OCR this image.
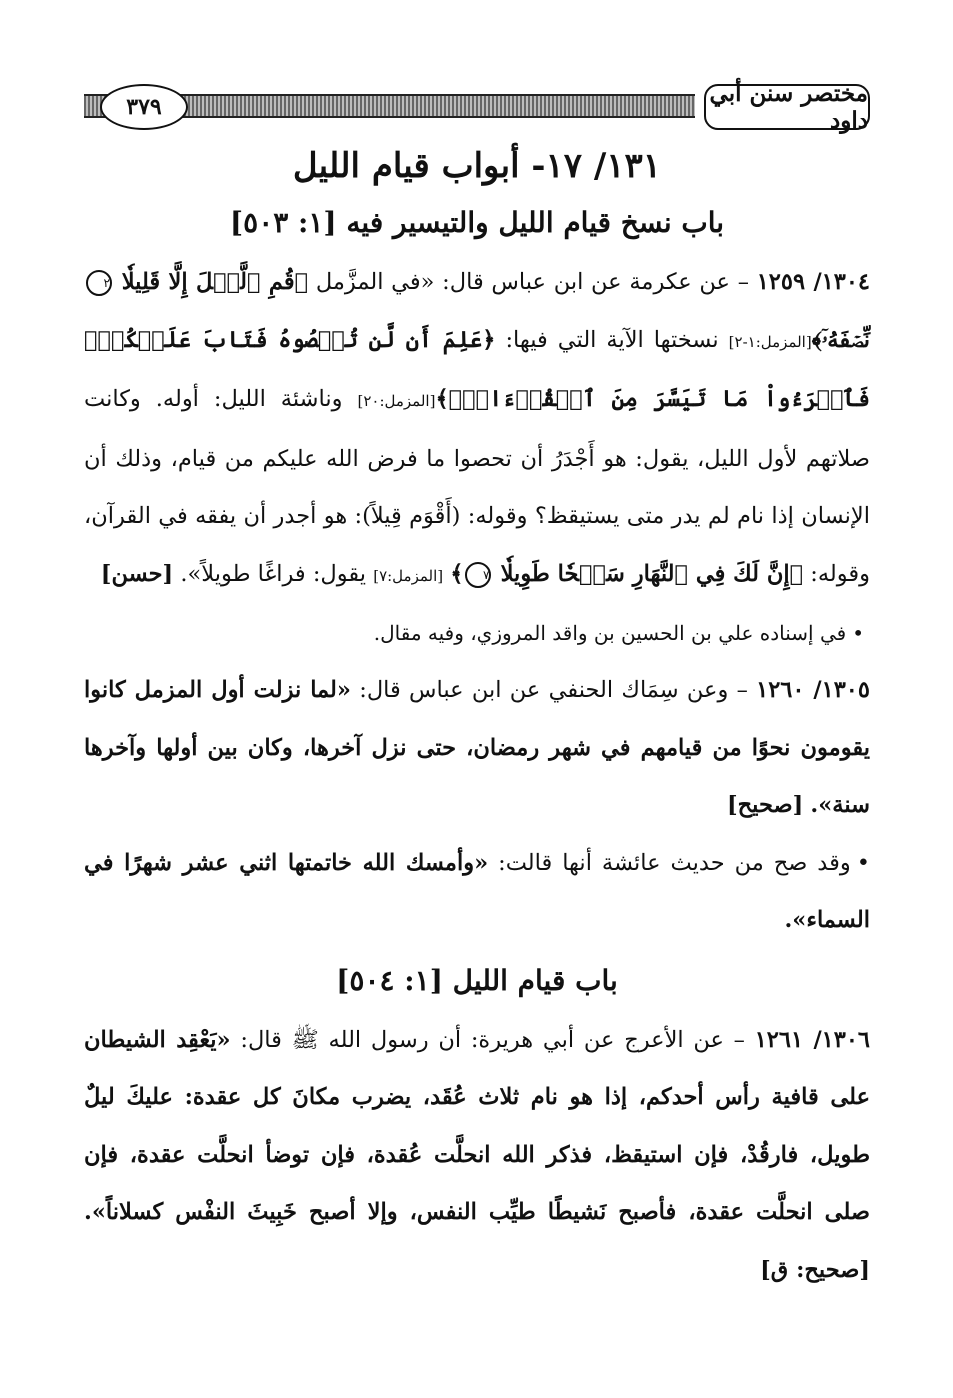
٣٧٩	مختصر سنن أبي داود
١٣١/ ١٧- أبواب قيام الليل
باب نسخ قيام الليل والتيسير فيه [١: ٥٠٣]

١٣٠٤/ ١٢٥٩ – عن عكرمة عن ابن عباس قال: «في المزَّمل ﴿قُمِ ٱلَّيۡلَ إِلَّا قَلِيلٗا ٢ نِّصۡفَهُۥٓ﴾[المزمل:١-٢] نسختها الآية التي فيها: ﴿عَلِمَ أَن لَّن تُحۡصُوهُ فَتَابَ عَلَيۡكُمۡۖ فَٱقۡرَءُواْ مَا تَيَسَّرَ مِنَ ٱلۡقُرۡءَانِۚ﴾[المزمل:٢٠] وناشئة الليل: أوله. وكانت صلاتهم لأول الليل، يقول: هو أَجْدَرُ أن تحصوا ما فرض الله عليكم من قيام، وذلك أن الإنسان إذا نام لم يدر متى يستيقظ؟ وقوله: (أَقْوَم قِيلاً): هو أجدر أن يفقه في القرآن، وقوله: ﴿إِنَّ لَكَ فِي ٱلنَّهَارِ سَبۡحٗا طَوِيلٗا ٧﴾ [المزمل:٧] يقول: فراغًا طويلاً». [حسن]

•في إسناده علي بن الحسين بن واقد المروزي، وفيه مقال.

١٣٠٥/ ١٢٦٠ – وعن سِمَاك الحنفي عن ابن عباس قال: «لما نزلت أول المزمل كانوا يقومون نحوًا من قيامهم في شهر رمضان، حتى نزل آخرها، وكان بين أولها وآخرها سنة». [صحيح]

•وقد صح من حديث عائشة أنها قالت: «وأمسك الله خاتمتها اثني عشر شهرًا في السماء».

باب قيام الليل [١: ٥٠٤]

١٣٠٦/ ١٢٦١ – عن الأعرج عن أبي هريرة: أن رسول الله ﷺ قال: «يَعْقِد الشيطان على قافية رأس أحدكم، إذا هو نام ثلاث عُقَد، يضرب مكانَ كل عقدة: عليكَ ليلٌ طويل، فارقُدْ، فإن استيقظ، فذكر الله انحلَّت عُقدة، فإن توضأ انحلَّت عقدة، فإن صلى انحلَّت عقدة، فأصبح نَشيطًا طيِّب النفس، وإلا أصبح خَبِيثَ النفْس كسلاناً». [صحيح: ق]
